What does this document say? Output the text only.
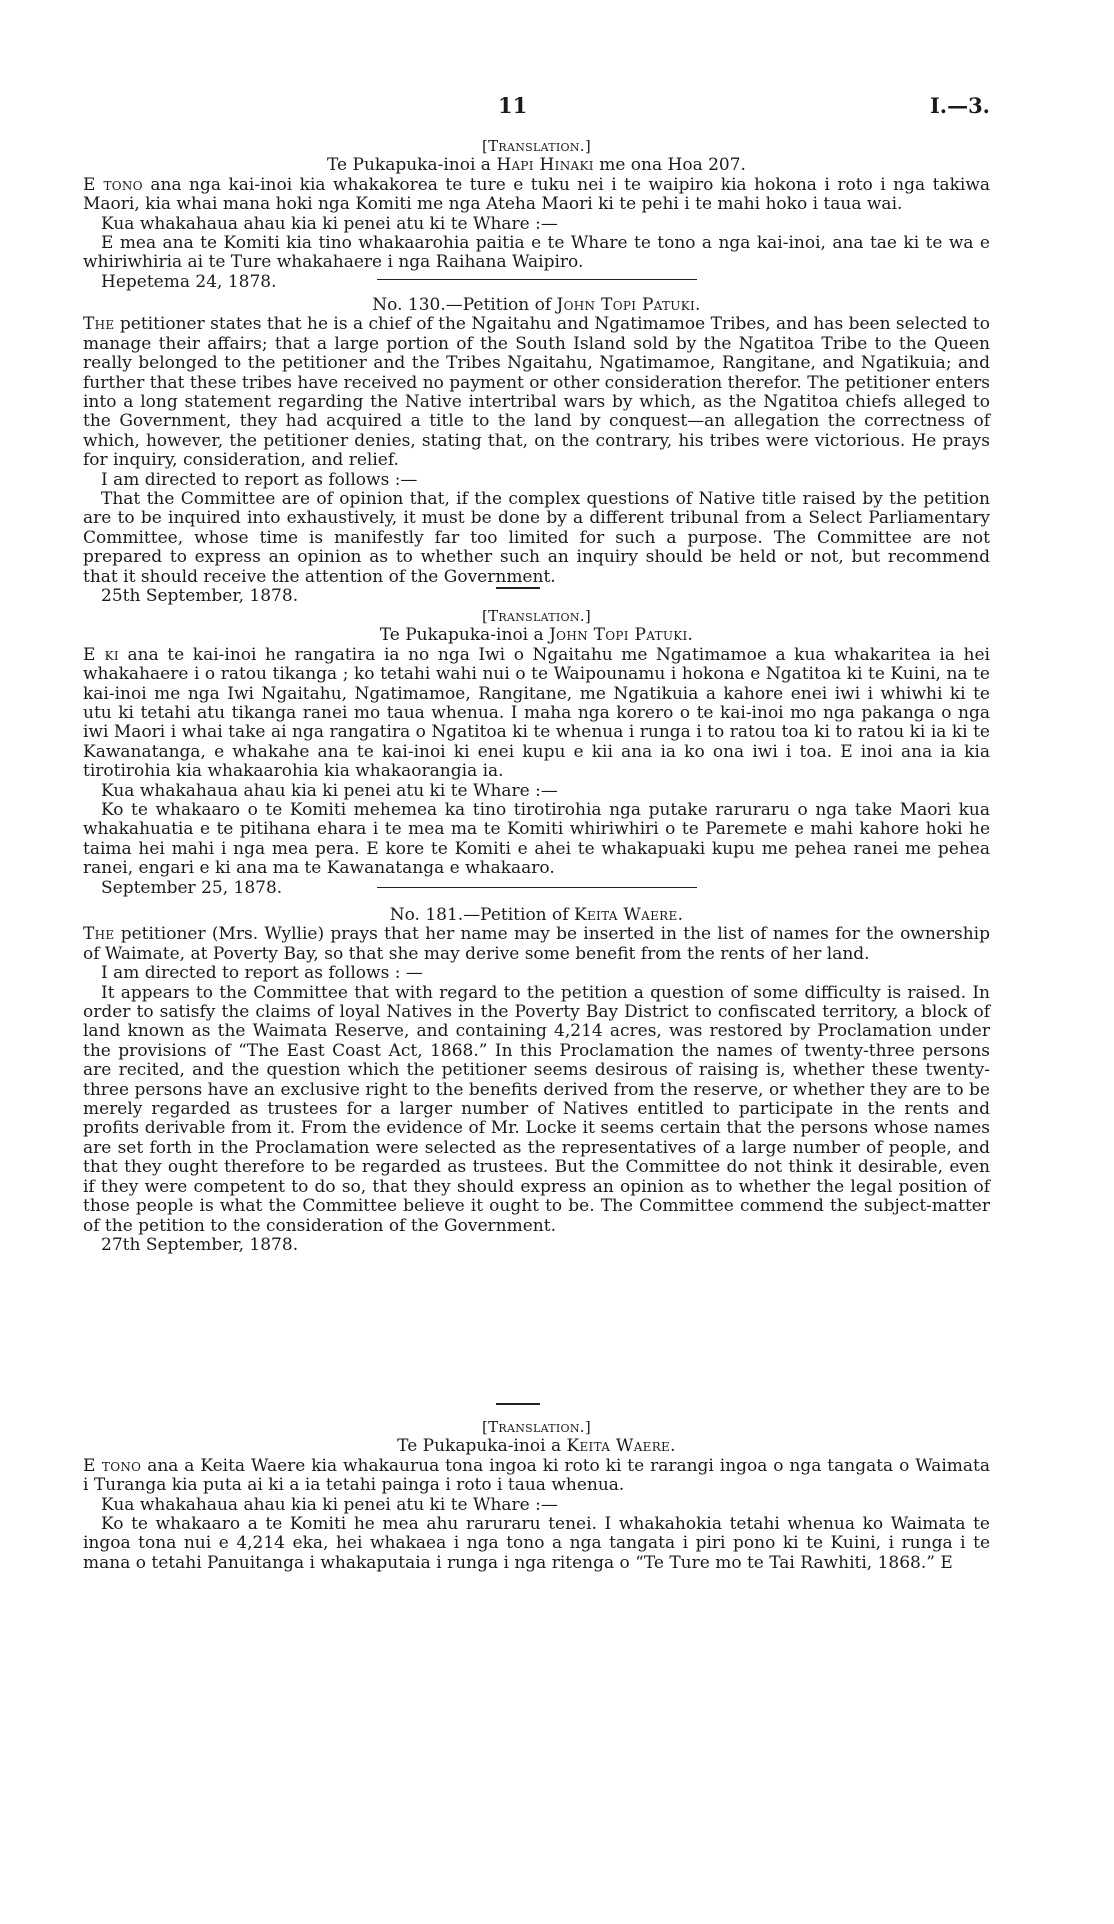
11	I.—3.

[Translation.]

Te Pukapuka-inoi a Hapi Hinaki me ona Hoa 207.

E tono ana nga kai-inoi kia whakakorea te ture e tuku nei i te waipiro kia hokona i roto i nga takiwa Maori, kia whai mana hoki nga Komiti me nga Ateha Maori ki te pehi i te mahi hoko i taua wai.

Kua whakahaua ahau kia ki penei atu ki te Whare :—

E mea ana te Komiti kia tino whakaarohia paitia e te Whare te tono a nga kai-inoi, ana tae ki te wa e whiriwhiria ai te Ture whakahaere i nga Raihana Waipiro.

Hepetema 24, 1878.

No. 130.—Petition of John Topi Patuki.

The petitioner states that he is a chief of the Ngaitahu and Ngatimamoe Tribes, and has been selected to manage their affairs; that a large portion of the South Island sold by the Ngatitoa Tribe to the Queen really belonged to the petitioner and the Tribes Ngaitahu, Ngatimamoe, Rangitane, and Ngatikuia; and further that these tribes have received no payment or other consideration therefor. The petitioner enters into a long statement regarding the Native intertribal wars by which, as the Ngatitoa chiefs alleged to the Government, they had acquired a title to the land by conquest—an allegation the correctness of which, however, the petitioner denies, stating that, on the contrary, his tribes were victorious. He prays for inquiry, consideration, and relief.

I am directed to report as follows :—

That the Committee are of opinion that, if the complex questions of Native title raised by the petition are to be inquired into exhaustively, it must be done by a different tribunal from a Select Parliamentary Committee, whose time is manifestly far too limited for such a purpose. The Committee are not prepared to express an opinion as to whether such an inquiry should be held or not, but recommend that it should receive the attention of the Government.

25th September, 1878.

[Translation.]

Te Pukapuka-inoi a John Topi Patuki.

E ki ana te kai-inoi he rangatira ia no nga Iwi o Ngaitahu me Ngatimamoe a kua whakaritea ia hei whakahaere i o ratou tikanga ; ko tetahi wahi nui o te Waipounamu i hokona e Ngatitoa ki te Kuini, na te kai-inoi me nga Iwi Ngaitahu, Ngatimamoe, Rangitane, me Ngatikuia a kahore enei iwi i whiwhi ki te utu ki tetahi atu tikanga ranei mo taua whenua. I maha nga korero o te kai-inoi mo nga pakanga o nga iwi Maori i whai take ai nga rangatira o Ngatitoa ki te whenua i runga i to ratou toa ki to ratou ki ia ki te Kawanatanga, e whakahe ana te kai-inoi ki enei kupu e kii ana ia ko ona iwi i toa. E inoi ana ia kia tirotirohia kia whakaarohia kia whakaorangia ia.

Kua whakahaua ahau kia ki penei atu ki te Whare :—

Ko te whakaaro o te Komiti mehemea ka tino tirotirohia nga putake raruraru o nga take Maori kua whakahuatia e te pitihana ehara i te mea ma te Komiti whiriwhiri o te Paremete e mahi kahore hoki he taima hei mahi i nga mea pera. E kore te Komiti e ahei te whakapuaki kupu me pehea ranei me pehea ranei, engari e ki ana ma te Kawanatanga e whakaaro.

September 25, 1878.

No. 181.—Petition of Keita Waere.

The petitioner (Mrs. Wyllie) prays that her name may be inserted in the list of names for the ownership of Waimate, at Poverty Bay, so that she may derive some benefit from the rents of her land.

I am directed to report as follows : —

It appears to the Committee that with regard to the petition a question of some difficulty is raised. In order to satisfy the claims of loyal Natives in the Poverty Bay District to confiscated territory, a block of land known as the Waimata Reserve, and containing 4,214 acres, was restored by Proclamation under the provisions of “The East Coast Act, 1868.” In this Proclamation the names of twenty-three persons are recited, and the question which the petitioner seems desirous of raising is, whether these twenty-three persons have an exclusive right to the benefits derived from the reserve, or whether they are to be merely regarded as trustees for a larger number of Natives entitled to participate in the rents and profits derivable from it. From the evidence of Mr. Locke it seems certain that the persons whose names are set forth in the Proclamation were selected as the representatives of a large number of people, and that they ought therefore to be regarded as trustees. But the Committee do not think it desirable, even if they were competent to do so, that they should express an opinion as to whether the legal position of those people is what the Committee believe it ought to be. The Committee commend the subject-matter of the petition to the consideration of the Government.

27th September, 1878.

[Translation.]

Te Pukapuka-inoi a Keita Waere.

E tono ana a Keita Waere kia whakaurua tona ingoa ki roto ki te rarangi ingoa o nga tangata o Waimata i Turanga kia puta ai ki a ia tetahi painga i roto i taua whenua.

Kua whakahaua ahau kia ki penei atu ki te Whare :—

Ko te whakaaro a te Komiti he mea ahu raruraru tenei. I whakahokia tetahi whenua ko Waimata te ingoa tona nui e 4,214 eka, hei whakaea i nga tono a nga tangata i piri pono ki te Kuini, i runga i te mana o tetahi Panuitanga i whakaputaia i runga i nga ritenga o “Te Ture mo te Tai Rawhiti, 1868.” E
